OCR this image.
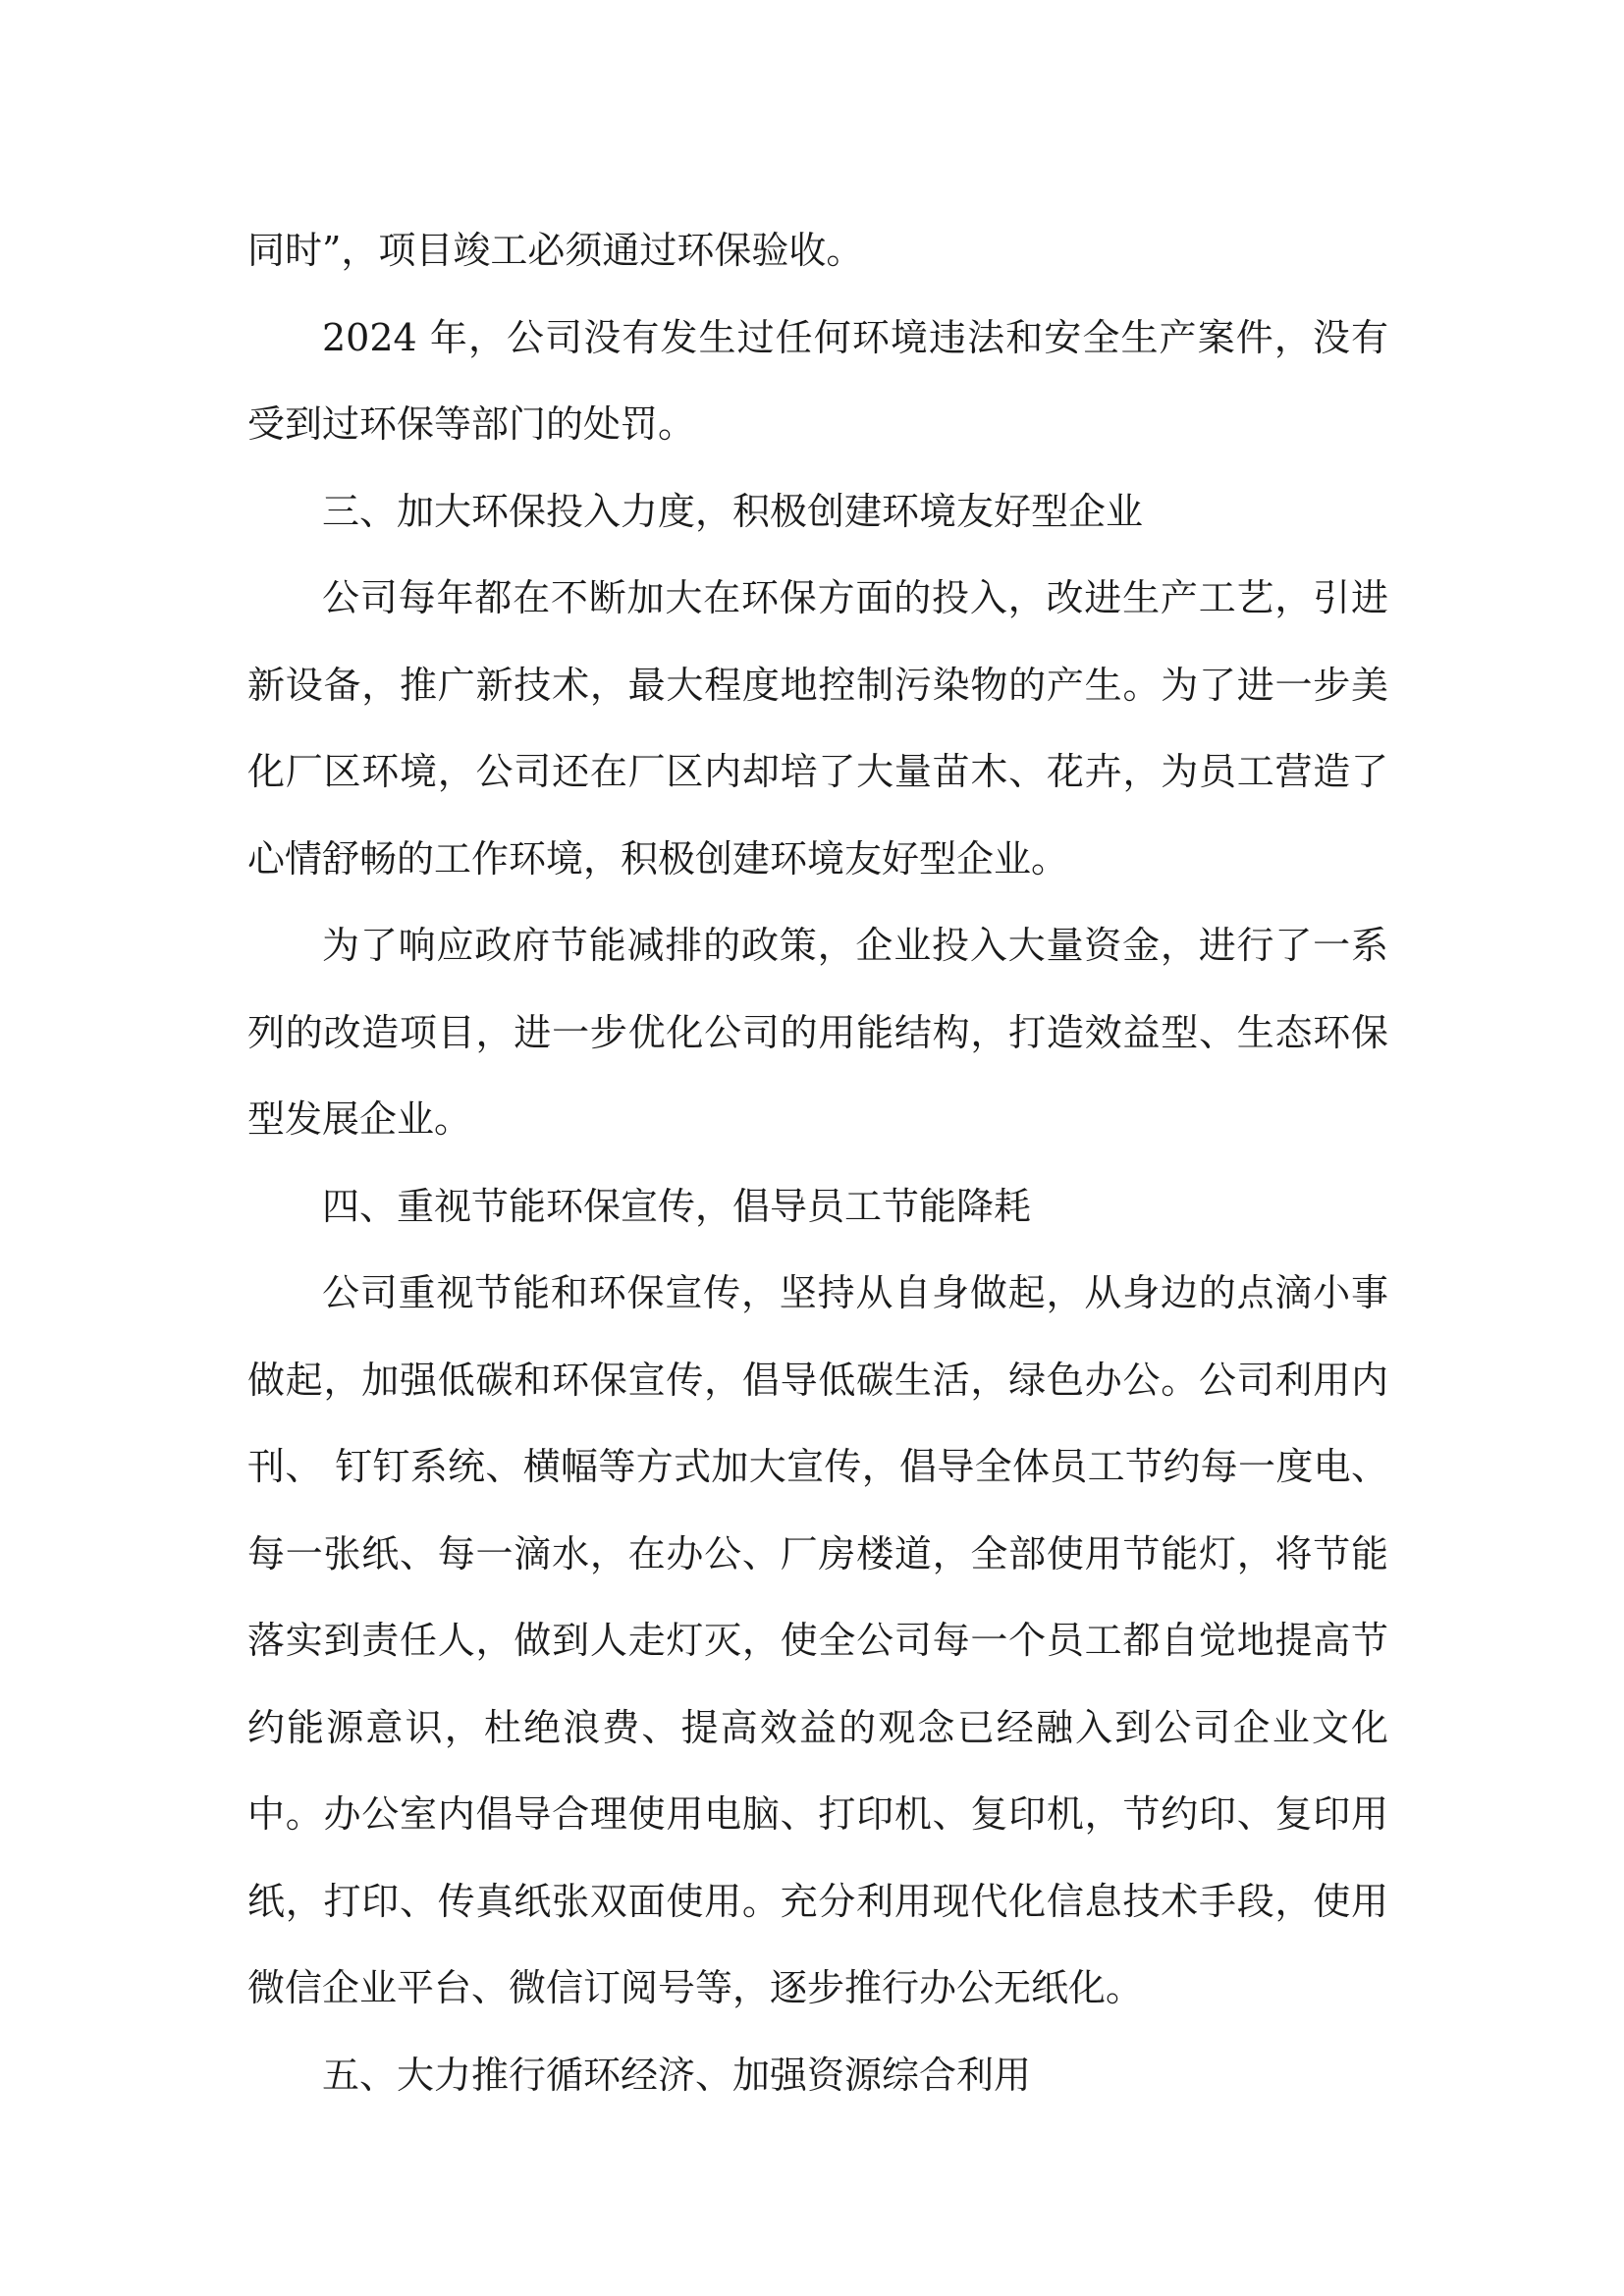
同时”，项目竣工必须通过环保验收。

2024 年，公司没有发生过任何环境违法和安全生产案件，没有受到过环保等部门的处罚。

三、加大环保投入力度，积极创建环境友好型企业

公司每年都在不断加大在环保方面的投入，改进生产工艺，引进新设备，推广新技术，最大程度地控制污染物的产生。为了进一步美化厂区环境，公司还在厂区内却培了大量苗木、花卉，为员工营造了心情舒畅的工作环境，积极创建环境友好型企业。

为了响应政府节能减排的政策，企业投入大量资金，进行了一系列的改造项目，进一步优化公司的用能结构，打造效益型、生态环保型发展企业。

四、重视节能环保宣传，倡导员工节能降耗

公司重视节能和环保宣传，坚持从自身做起，从身边的点滴小事做起，加强低碳和环保宣传，倡导低碳生活，绿色办公。公司利用内刊、 钉钉系统、横幅等方式加大宣传，倡导全体员工节约每一度电、每一张纸、每一滴水，在办公、厂房楼道，全部使用节能灯，将节能落实到责任人，做到人走灯灭，使全公司每一个员工都自觉地提高节约能源意识，杜绝浪费、提高效益的观念已经融入到公司企业文化中。办公室内倡导合理使用电脑、打印机、复印机，节约印、复印用纸，打印、传真纸张双面使用。充分利用现代化信息技术手段，使用微信企业平台、微信订阅号等，逐步推行办公无纸化。

五、大力推行循环经济、加强资源综合利用
